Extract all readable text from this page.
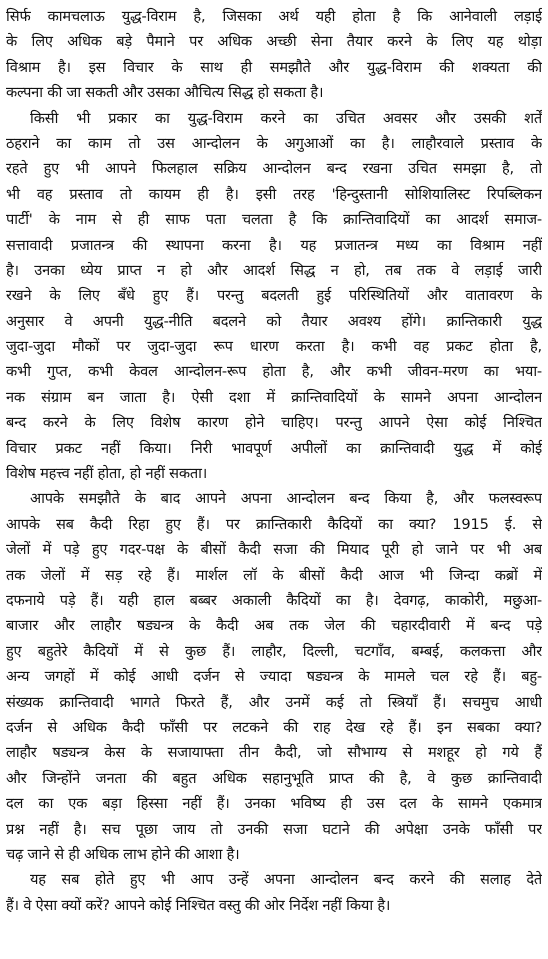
सिर्फ कामचलाऊ युद्ध-विराम है, जिसका अर्थ यही होता है कि आनेवाली लड़ाई
के लिए अधिक बड़े पैमाने पर अधिक अच्छी सेना तैयार करने के लिए यह थोड़ा
विश्राम है। इस विचार के साथ ही समझौते और युद्ध-विराम की शक्यता की
कल्पना की जा सकती और उसका औचित्य सिद्ध हो सकता है।
किसी भी प्रकार का युद्ध-विराम करने का उचित अवसर और उसकी शर्तें
ठहराने का काम तो उस आन्दोलन के अगुआओं का है। लाहौरवाले प्रस्ताव के
रहते हुए भी आपने फिलहाल सक्रिय आन्दोलन बन्द रखना उचित समझा है, तो
भी वह प्रस्ताव तो कायम ही है। इसी तरह 'हिन्दुस्तानी सोशियालिस्ट रिपब्लिकन
पार्टी' के नाम से ही साफ पता चलता है कि क्रान्तिवादियों का आदर्श समाज-
सत्तावादी प्रजातन्त्र की स्थापना करना है। यह प्रजातन्त्र मध्य का विश्राम नहीं
है। उनका ध्येय प्राप्त न हो और आदर्श सिद्ध न हो, तब तक वे लड़ाई जारी
रखने के लिए बँधे हुए हैं। परन्तु बदलती हुई परिस्थितियों और वातावरण के
अनुसार वे अपनी युद्ध-नीति बदलने को तैयार अवश्य होंगे। क्रान्तिकारी युद्ध
जुदा-जुदा मौकों पर जुदा-जुदा रूप धारण करता है। कभी वह प्रकट होता है,
कभी गुप्त, कभी केवल आन्दोलन-रूप होता है, और कभी जीवन-मरण का भया-
नक संग्राम बन जाता है। ऐसी दशा में क्रान्तिवादियों के सामने अपना आन्दोलन
बन्द करने के लिए विशेष कारण होने चाहिए। परन्तु आपने ऐसा कोई निश्चित
विचार प्रकट नहीं किया। निरी भावपूर्ण अपीलों का क्रान्तिवादी युद्ध में कोई
विशेष महत्त्व नहीं होता, हो नहीं सकता।
आपके समझौते के बाद आपने अपना आन्दोलन बन्द किया है, और फलस्वरूप
आपके सब कैदी रिहा हुए हैं। पर क्रान्तिकारी कैदियों का क्या? 1915 ई. से
जेलों में पड़े हुए गदर-पक्ष के बीसों कैदी सजा की मियाद पूरी हो जाने पर भी अब
तक जेलों में सड़ रहे हैं। मार्शल लॉ के बीसों कैदी आज भी जिन्दा कब्रों में
दफनाये पड़े हैं। यही हाल बब्बर अकाली कैदियों का है। देवगढ़, काकोरी, मछुआ-
बाजार और लाहौर षड्यन्त्र के कैदी अब तक जेल की चहारदीवारी में बन्द पड़े
हुए बहुतेरे कैदियों में से कुछ हैं। लाहौर, दिल्ली, चटगाँव, बम्बई, कलकत्ता और
अन्य जगहों में कोई आधी दर्जन से ज्यादा षड्यन्त्र के मामले चल रहे हैं। बहु-
संख्यक क्रान्तिवादी भागते फिरते हैं, और उनमें कई तो स्त्रियाँ हैं। सचमुच आधी
दर्जन से अधिक कैदी फाँसी पर लटकने की राह देख रहे हैं। इन सबका क्या?
लाहौर षड्यन्त्र केस के सजायाफ्ता तीन कैदी, जो सौभाग्य से मशहूर हो गये हैं
और जिन्होंने जनता की बहुत अधिक सहानुभूति प्राप्त की है, वे कुछ क्रान्तिवादी
दल का एक बड़ा हिस्सा नहीं हैं। उनका भविष्य ही उस दल के सामने एकमात्र
प्रश्न नहीं है। सच पूछा जाय तो उनकी सजा घटाने की अपेक्षा उनके फाँसी पर
चढ़ जाने से ही अधिक लाभ होने की आशा है।
यह सब होते हुए भी आप उन्हें अपना आन्दोलन बन्द करने की सलाह देते
हैं। वे ऐसा क्यों करें? आपने कोई निश्चित वस्तु की ओर निर्देश नहीं किया है।
